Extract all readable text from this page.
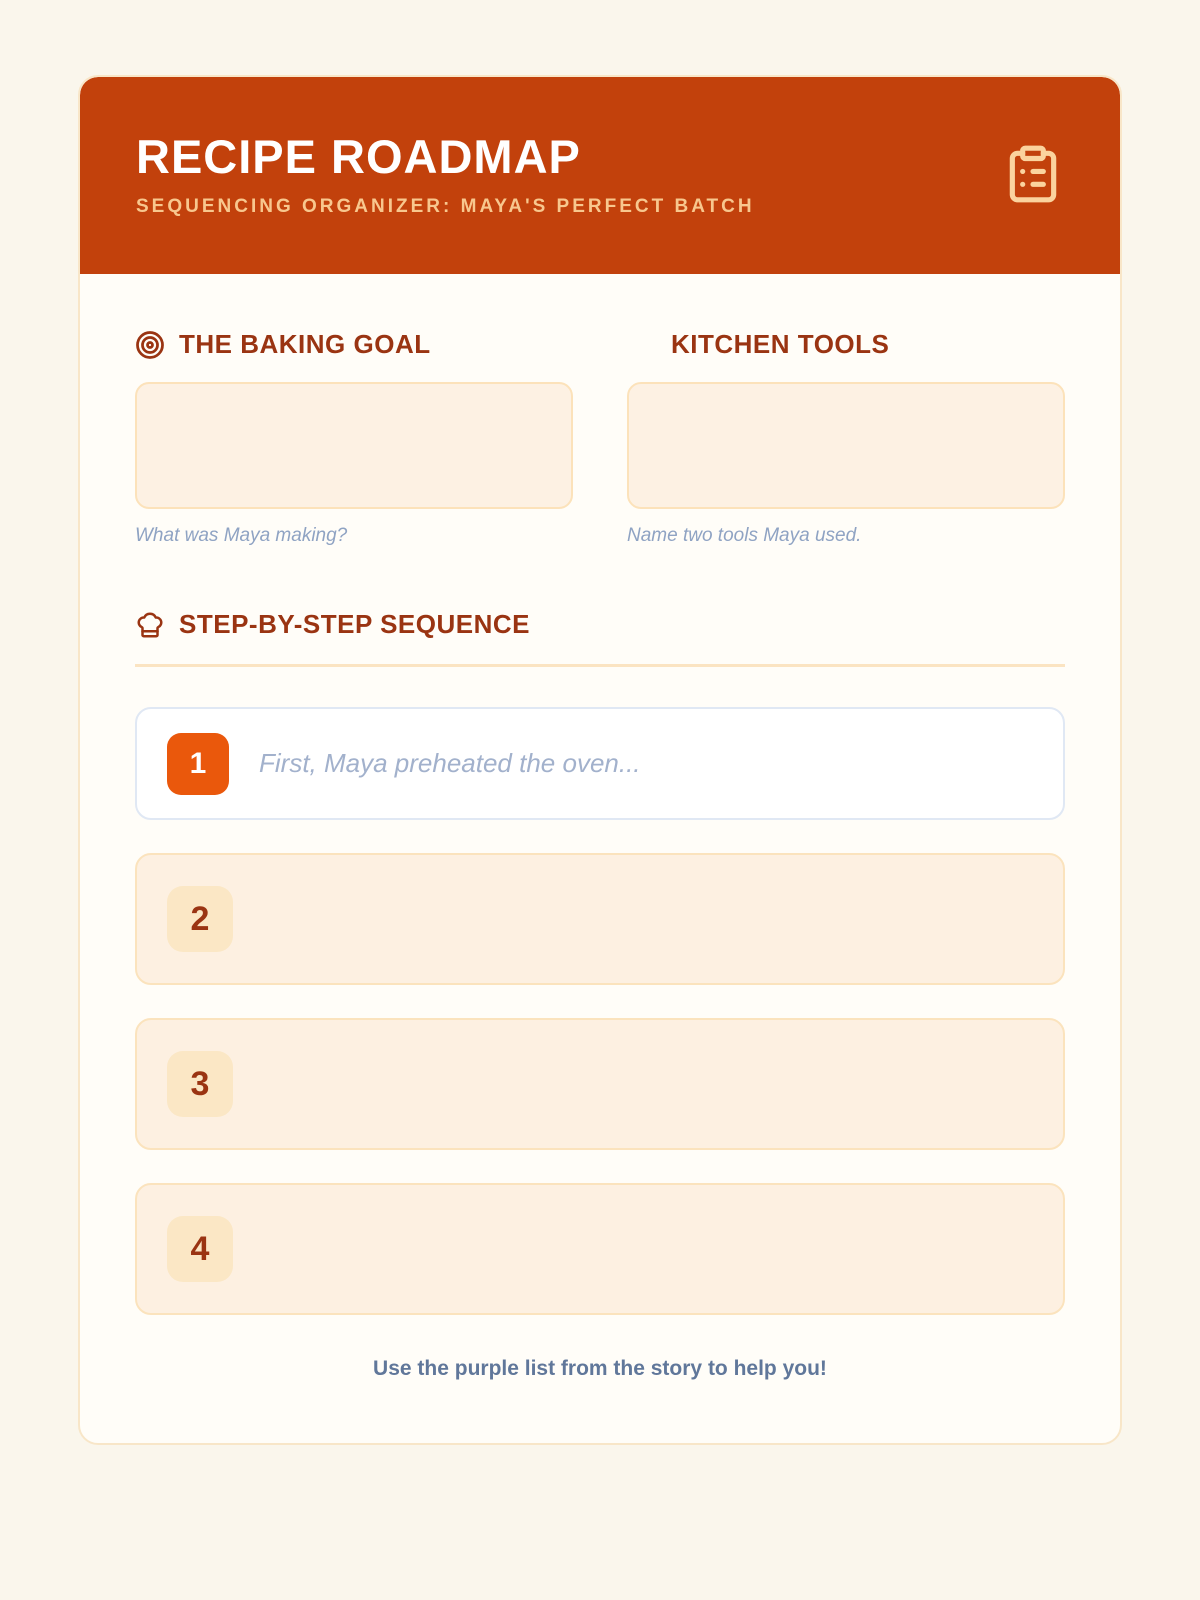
RECIPE ROADMAP
SEQUENCING ORGANIZER: MAYA'S PERFECT BATCH
THE BAKING GOAL
What was Maya making?
KITCHEN TOOLS
Name two tools Maya used.
STEP-BY-STEP SEQUENCE
1
First, Maya preheated the oven...
2
3
4
Use the purple list from the story to help you!
